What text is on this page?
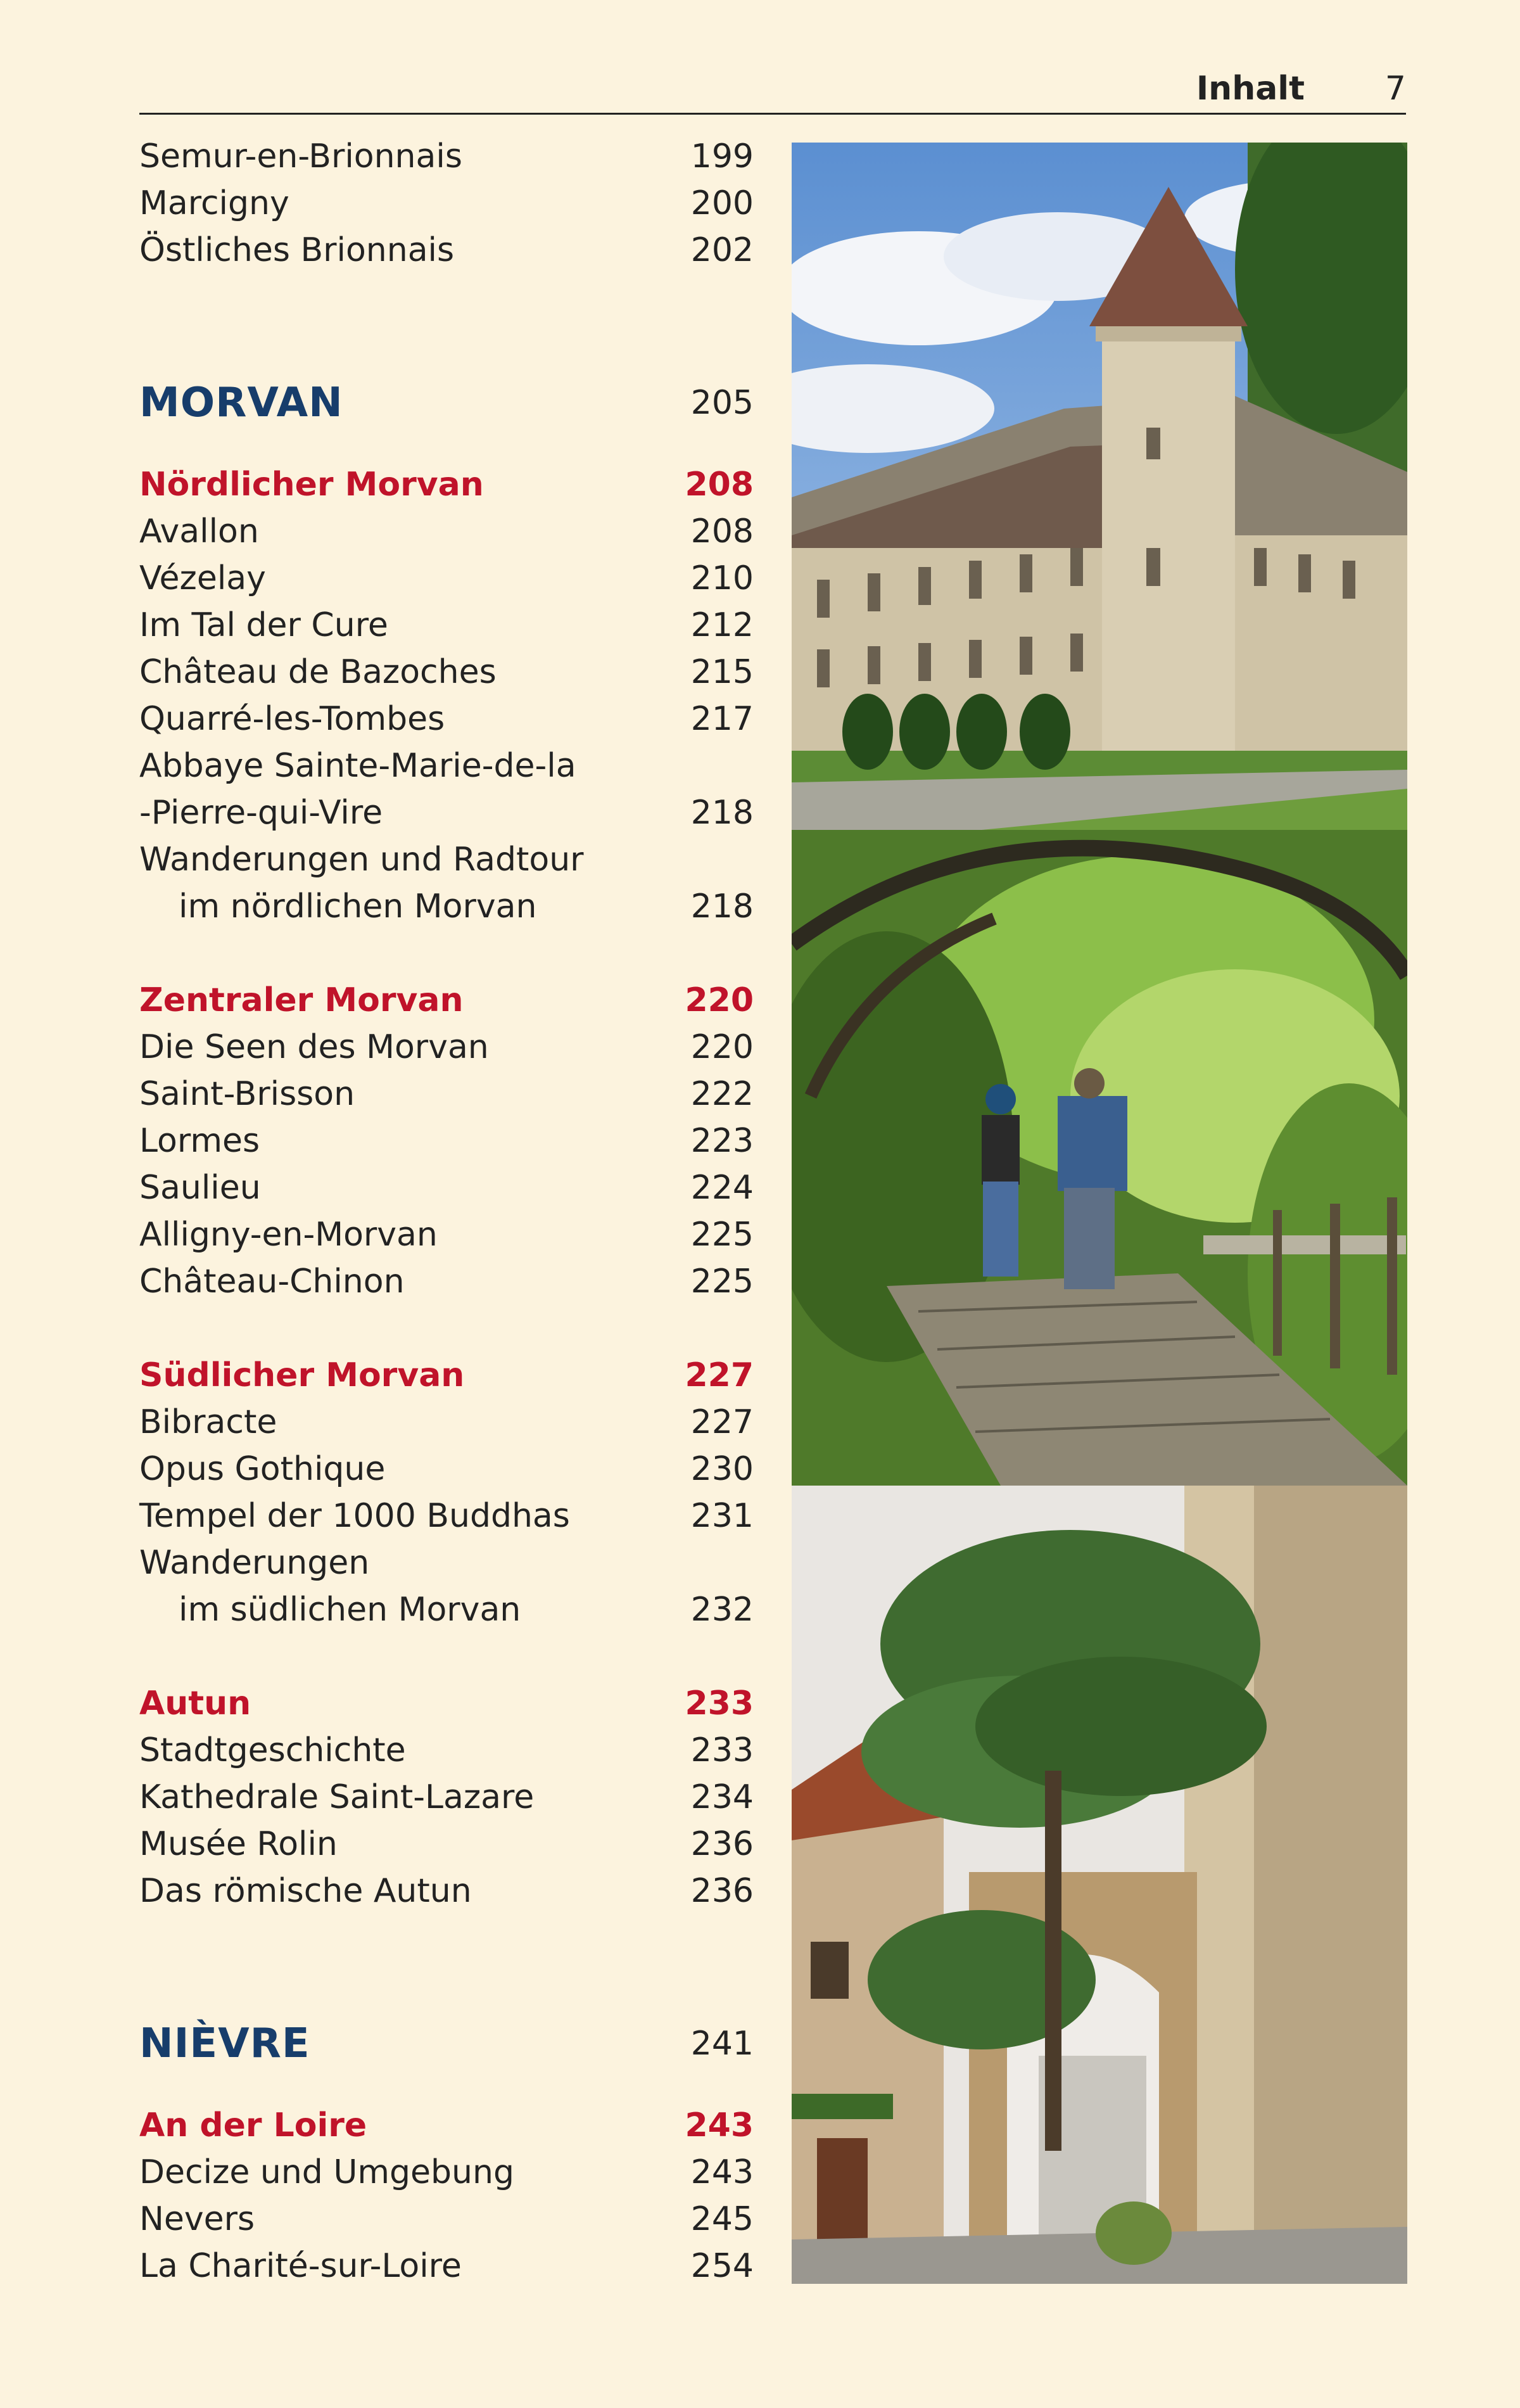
Inhalt 7
Semur-en-Brionnais	199
Marcigny	200
Östliches Brionnais	202
MORVAN	205
Nördlicher Morvan	208
Avallon	208
Vézelay	210
Im Tal der Cure	212
Château de Bazoches	215
Quarré-les-Tombes	217
Abbaye Sainte-Marie-de-la
-Pierre-qui-Vire	218
Wanderungen und Radtour
im nördlichen Morvan	218
Zentraler Morvan	220
Die Seen des Morvan	220
Saint-Brisson	222
Lormes	223
Saulieu	224
Alligny-en-Morvan	225
Château-Chinon	225
Südlicher Morvan	227
Bibracte	227
Opus Gothique	230
Tempel der 1000 Buddhas	231
Wanderungen
im südlichen Morvan	232
Autun	233
Stadtgeschichte	233
Kathedrale Saint-Lazare	234
Musée Rolin	236
Das römische Autun	236
NIÈVRE	241
An der Loire	243
Decize und Umgebung	243
Nevers	245
La Charité-sur-Loire	254
